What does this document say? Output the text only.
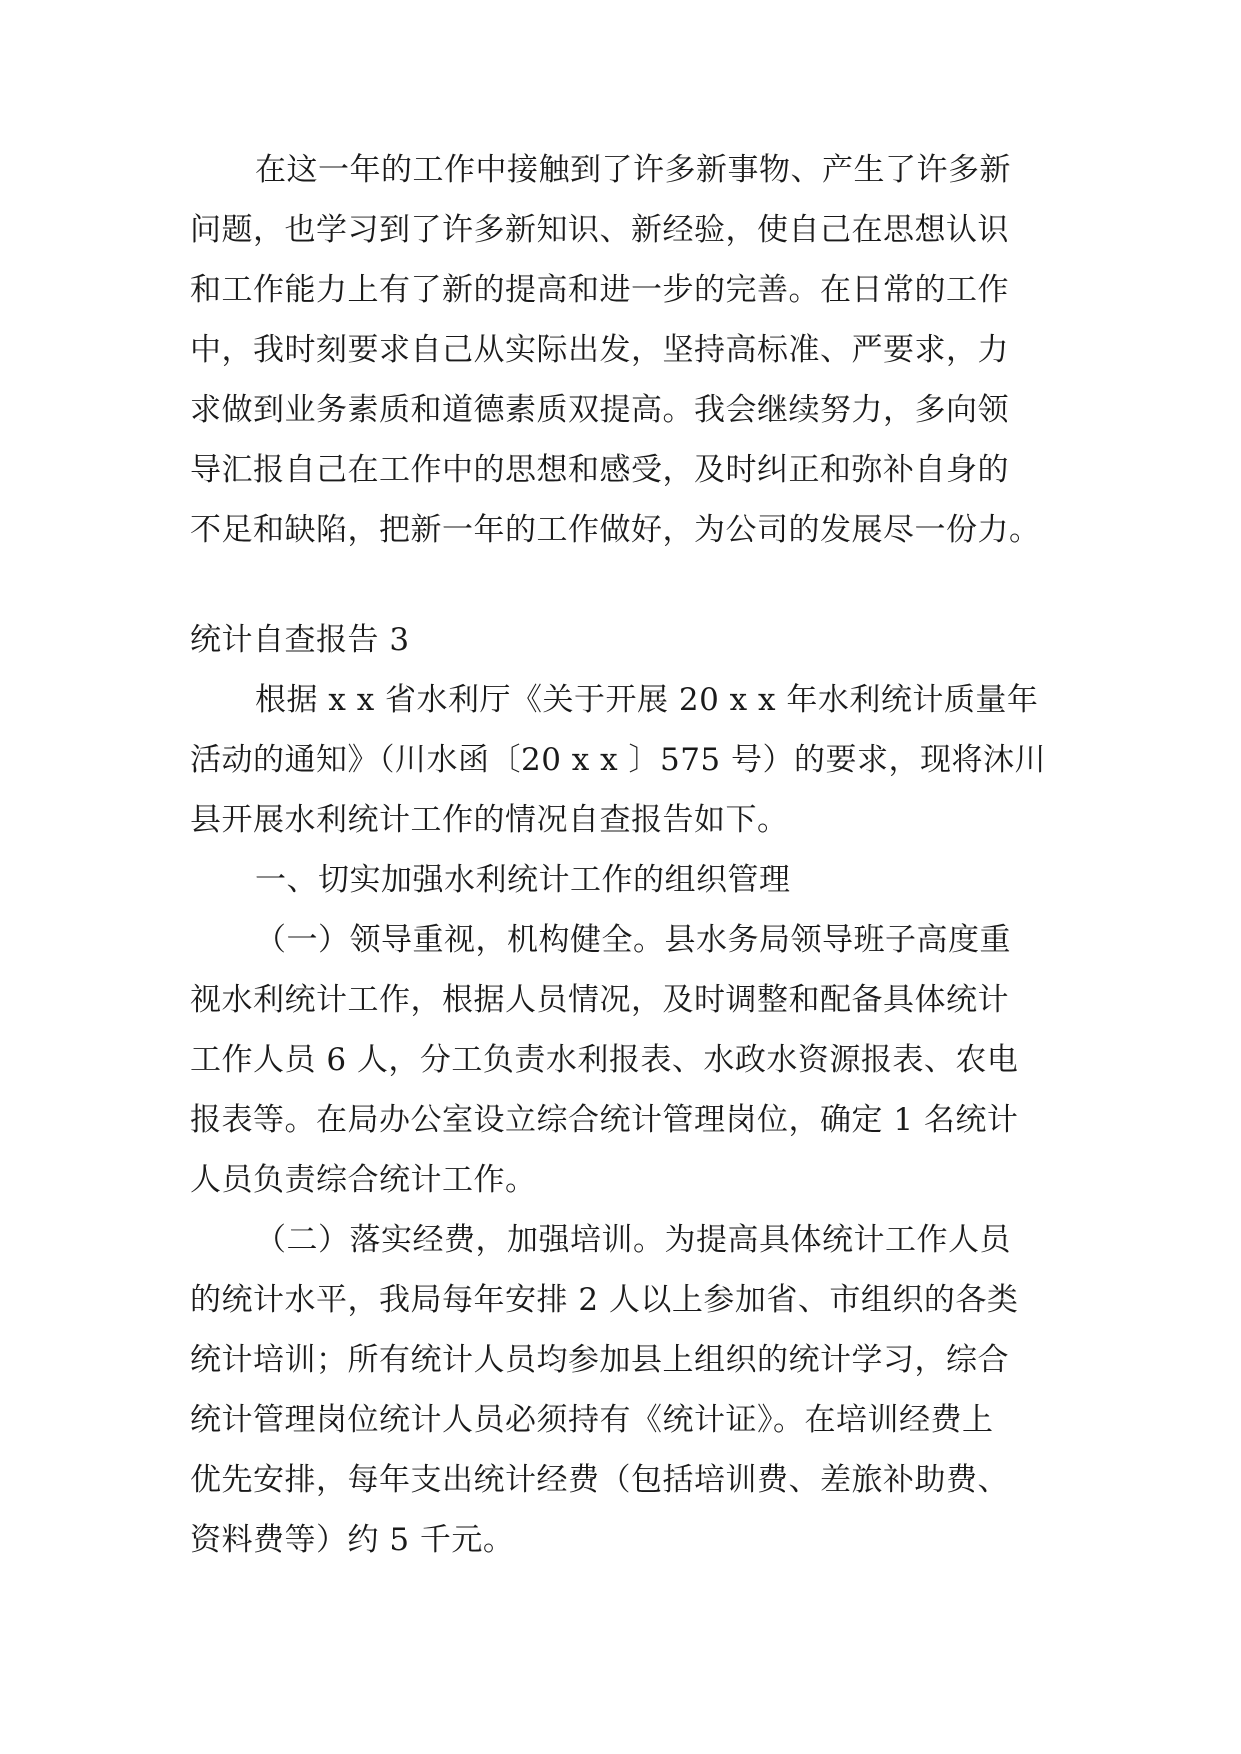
在这一年的工作中接触到了许多新事物、产生了许多新
问题，也学习到了许多新知识、新经验，使自己在思想认识
和工作能力上有了新的提高和进一步的完善。在日常的工作
中，我时刻要求自己从实际出发，坚持高标准、严要求，力
求做到业务素质和道德素质双提高。我会继续努力，多向领
导汇报自己在工作中的思想和感受，及时纠正和弥补自身的
不足和缺陷，把新一年的工作做好，为公司的发展尽一份力。
统计自查报告 3
根据 x x 省水利厅《关于开展 20 x x 年水利统计质量年
活动的通知》（川水函〔20 x x 〕575 号）的要求，现将沐川
县开展水利统计工作的情况自查报告如下。
一、切实加强水利统计工作的组织管理
（一）领导重视，机构健全。县水务局领导班子高度重
视水利统计工作，根据人员情况，及时调整和配备具体统计
工作人员 6 人，分工负责水利报表、水政水资源报表、农电
报表等。在局办公室设立综合统计管理岗位，确定 1 名统计
人员负责综合统计工作。
（二）落实经费，加强培训。为提高具体统计工作人员
的统计水平，我局每年安排 2 人以上参加省、市组织的各类
统计培训；所有统计人员均参加县上组织的统计学习，综合
统计管理岗位统计人员必须持有《统计证》。在培训经费上
优先安排，每年支出统计经费（包括培训费、差旅补助费、
资料费等）约 5 千元。
